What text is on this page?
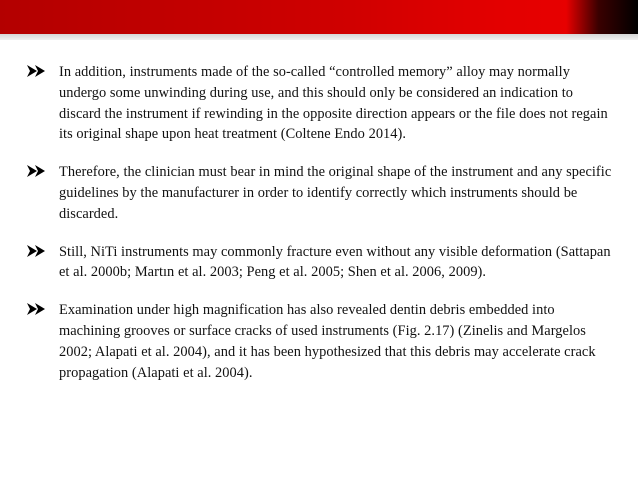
In addition, instruments made of the so-called “controlled memory” alloy may normally undergo some unwinding during use, and this should only be considered an indication to discard the instrument if rewinding in the opposite direction appears or the file does not regain its original shape upon heat treatment (Coltene Endo 2014).
Therefore, the clinician must bear in mind the original shape of the instrument and any specific guidelines by the manufacturer in order to identify correctly which instruments should be discarded.
Still, NiTi instruments may commonly fracture even without any visible deformation (Sattapan et al. 2000b; Martın et al. 2003; Peng et al. 2005; Shen et al. 2006, 2009).
Examination under high magnification has also revealed dentin debris embedded into machining grooves or surface cracks of used instruments (Fig. 2.17) (Zinelis and Margelos 2002; Alapati et al. 2004), and it has been hypothesized that this debris may accelerate crack propagation (Alapati et al. 2004).
